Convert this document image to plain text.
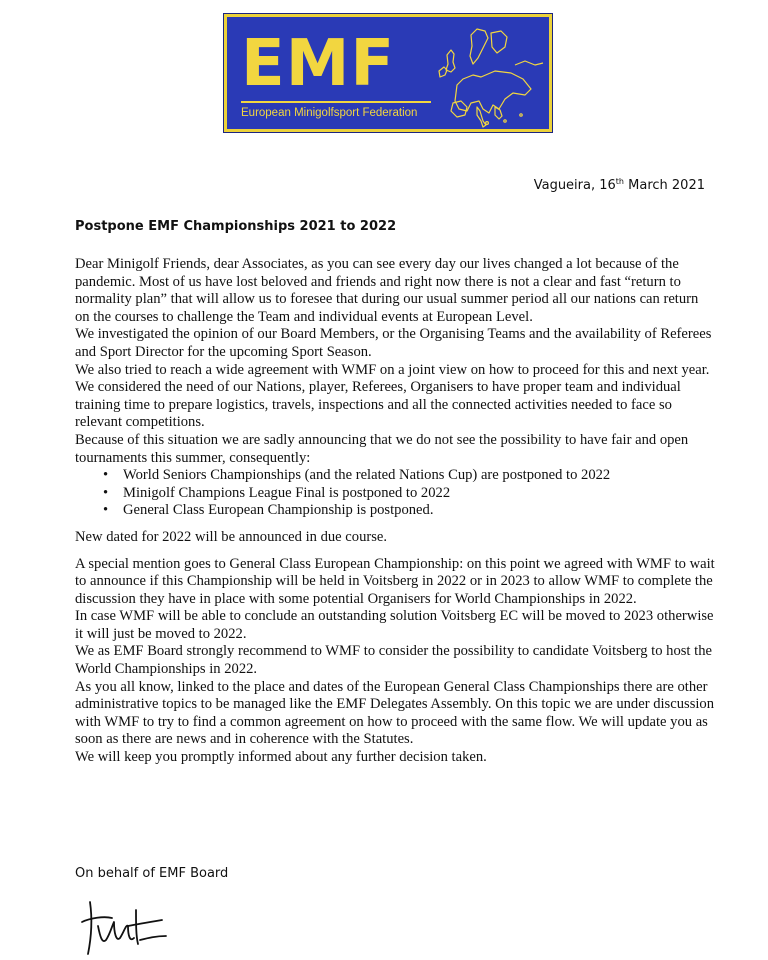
EMF
European Minigolfsport Federation
Vagueira, 16th March 2021
Postpone EMF Championships 2021 to 2022

Dear Minigolf Friends, dear Associates, as you can see every day our lives changed a lot because of the pandemic. Most of us have lost beloved and friends and right now there is not a clear and fast “return to normality plan” that will allow us to foresee that during our usual summer period all our nations can return on the courses to challenge the Team and individual events at European Level.

We investigated the opinion of our Board Members, or the Organising Teams and the availability of Referees and Sport Director for the upcoming Sport Season.

We also tried to reach a wide agreement with WMF on a joint view on how to proceed for this and next year.

We considered the need of our Nations, player, Referees, Organisers to have proper team and individual training time to prepare logistics, travels, inspections and all the connected activities needed to face so relevant competitions.

Because of this situation we are sadly announcing that we do not see the possibility to have fair and open tournaments this summer, consequently:

• World Seniors Championships (and the related Nations Cup) are postponed to 2022
• Minigolf Champions League Final is postponed to 2022
• General Class European Championship is postponed.

New dated for 2022 will be announced in due course.

A special mention goes to General Class European Championship: on this point we agreed with WMF to wait to announce if this Championship will be held in Voitsberg in 2022 or in 2023 to allow WMF to complete the discussion they have in place with some potential Organisers for World Championships in 2022.

In case WMF will be able to conclude an outstanding solution Voitsberg EC will be moved to 2023 otherwise it will just be moved to 2022.

We as EMF Board strongly recommend to WMF to consider the possibility to candidate Voitsberg to host the World Championships in 2022.

As you all know, linked to the place and dates of the European General Class Championships there are other administrative topics to be managed like the EMF Delegates Assembly. On this topic we are under discussion with WMF to try to find a common agreement on how to proceed with the same flow. We will update you as soon as there are news and in coherence with the Statutes.

We will keep you promptly informed about any further decision taken.

On behalf of EMF Board
